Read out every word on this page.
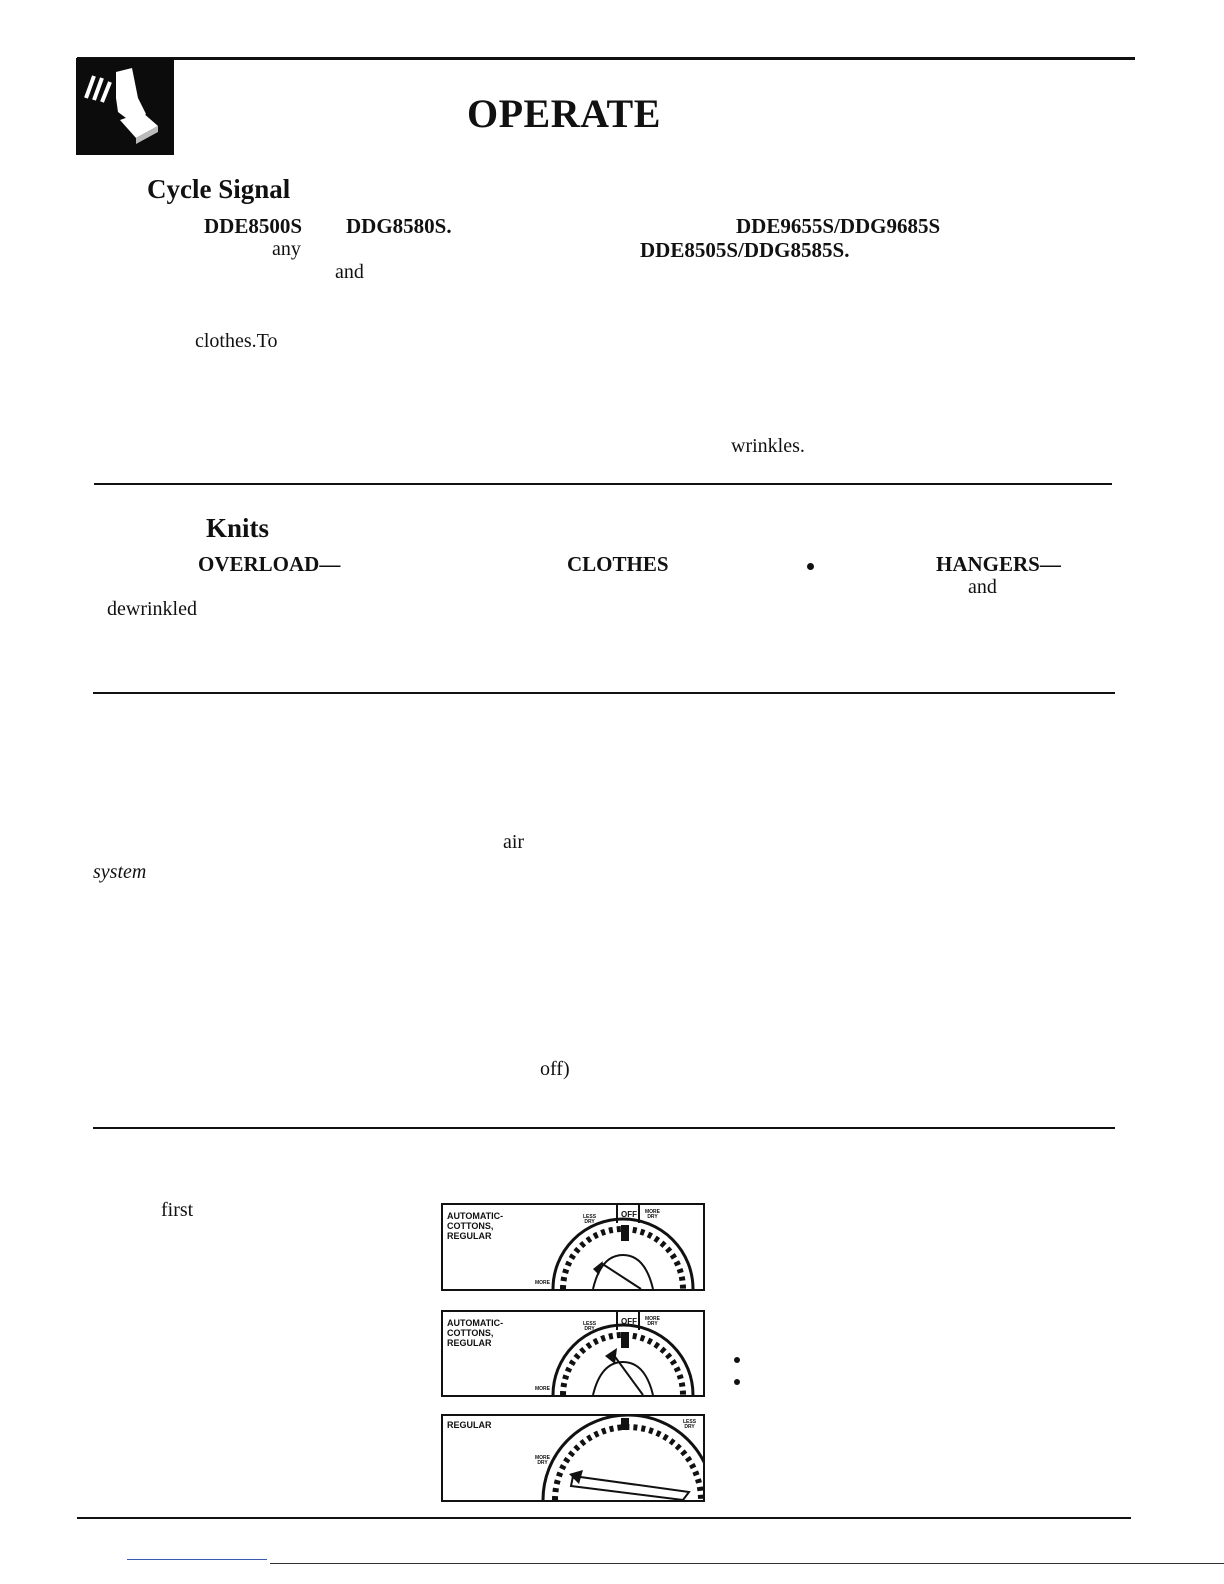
OPERATE
Cycle Signal
DDE8500S DDG8580S.	DDE9655S/DDG9685S
any	DDE8505S/DDG8585S.
and
clothes.To
wrinkles.
Knits
OVERLOAD—	CLOTHES	HANGERS—
and
dewrinkled
air
system
off)
first	AUTOMATIC-
COTTONS,
REGULAR
OFF
LESS
DRY
MORE
DRY
MORE
AUTOMATIC-
COTTONS,
REGULAR
OFF
LESS
DRY
MORE
DRY
MORE
REGULAR	LESS
DRY
MORE
DRY
